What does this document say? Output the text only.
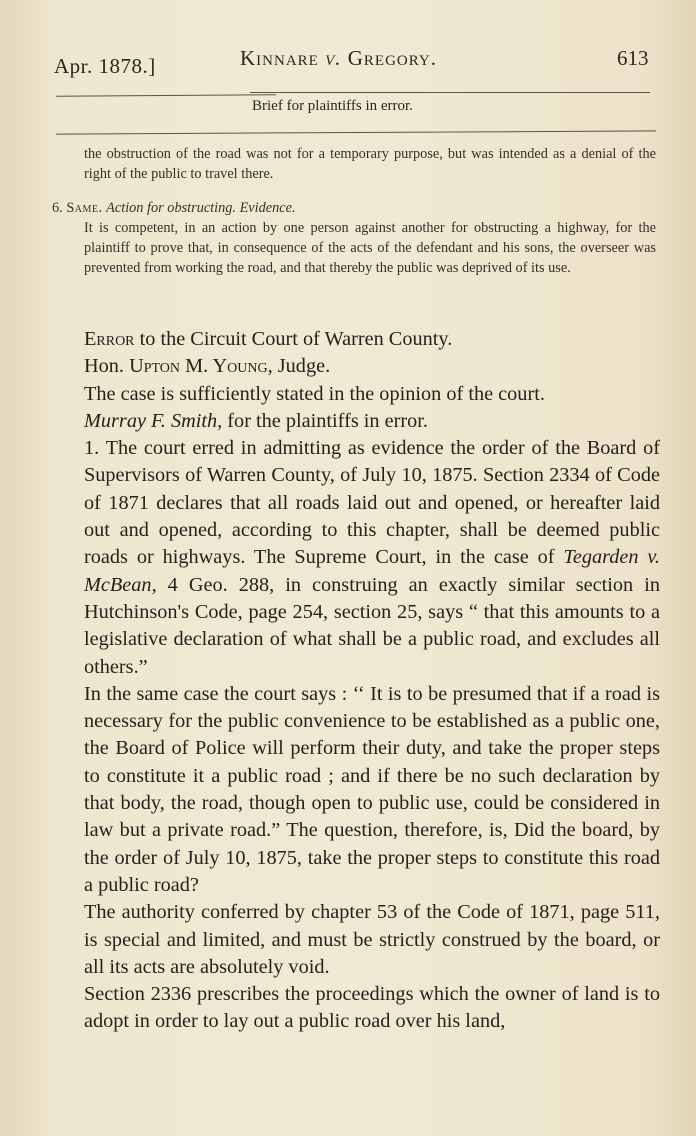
Apr. 1878.]	Kinnare v. Gregory.	613
Brief for plaintiffs in error.

the obstruction of the road was not for a temporary purpose, but was intended as a denial of the right of the public to travel there.

6. Same. Action for obstructing. Evidence.

It is competent, in an action by one person against another for obstructing a highway, for the plaintiff to prove that, in consequence of the acts of the defendant and his sons, the overseer was prevented from working the road, and that thereby the public was deprived of its use.

Error to the Circuit Court of Warren County.

Hon. Upton M. Young, Judge.

The case is sufficiently stated in the opinion of the court.

Murray F. Smith, for the plaintiffs in error.

1. The court erred in admitting as evidence the order of the Board of Supervisors of Warren County, of July 10, 1875. Section 2334 of Code of 1871 declares that all roads laid out and opened, or hereafter laid out and opened, according to this chapter, shall be deemed public roads or highways. The Supreme Court, in the case of Tegarden v. McBean, 4 Geo. 288, in construing an exactly similar section in Hutchinson's Code, page 254, section 25, says “ that this amounts to a legislative declaration of what shall be a public road, and excludes all others.”

In the same case the court says : ‘‘ It is to be presumed that if a road is necessary for the public convenience to be established as a public one, the Board of Police will perform their duty, and take the proper steps to constitute it a public road ; and if there be no such declaration by that body, the road, though open to public use, could be considered in law but a private road.” The question, therefore, is, Did the board, by the order of July 10, 1875, take the proper steps to constitute this road a public road?

The authority conferred by chapter 53 of the Code of 1871, page 511, is special and limited, and must be strictly construed by the board, or all its acts are absolutely void.

Section 2336 prescribes the proceedings which the owner of land is to adopt in order to lay out a public road over his land,
